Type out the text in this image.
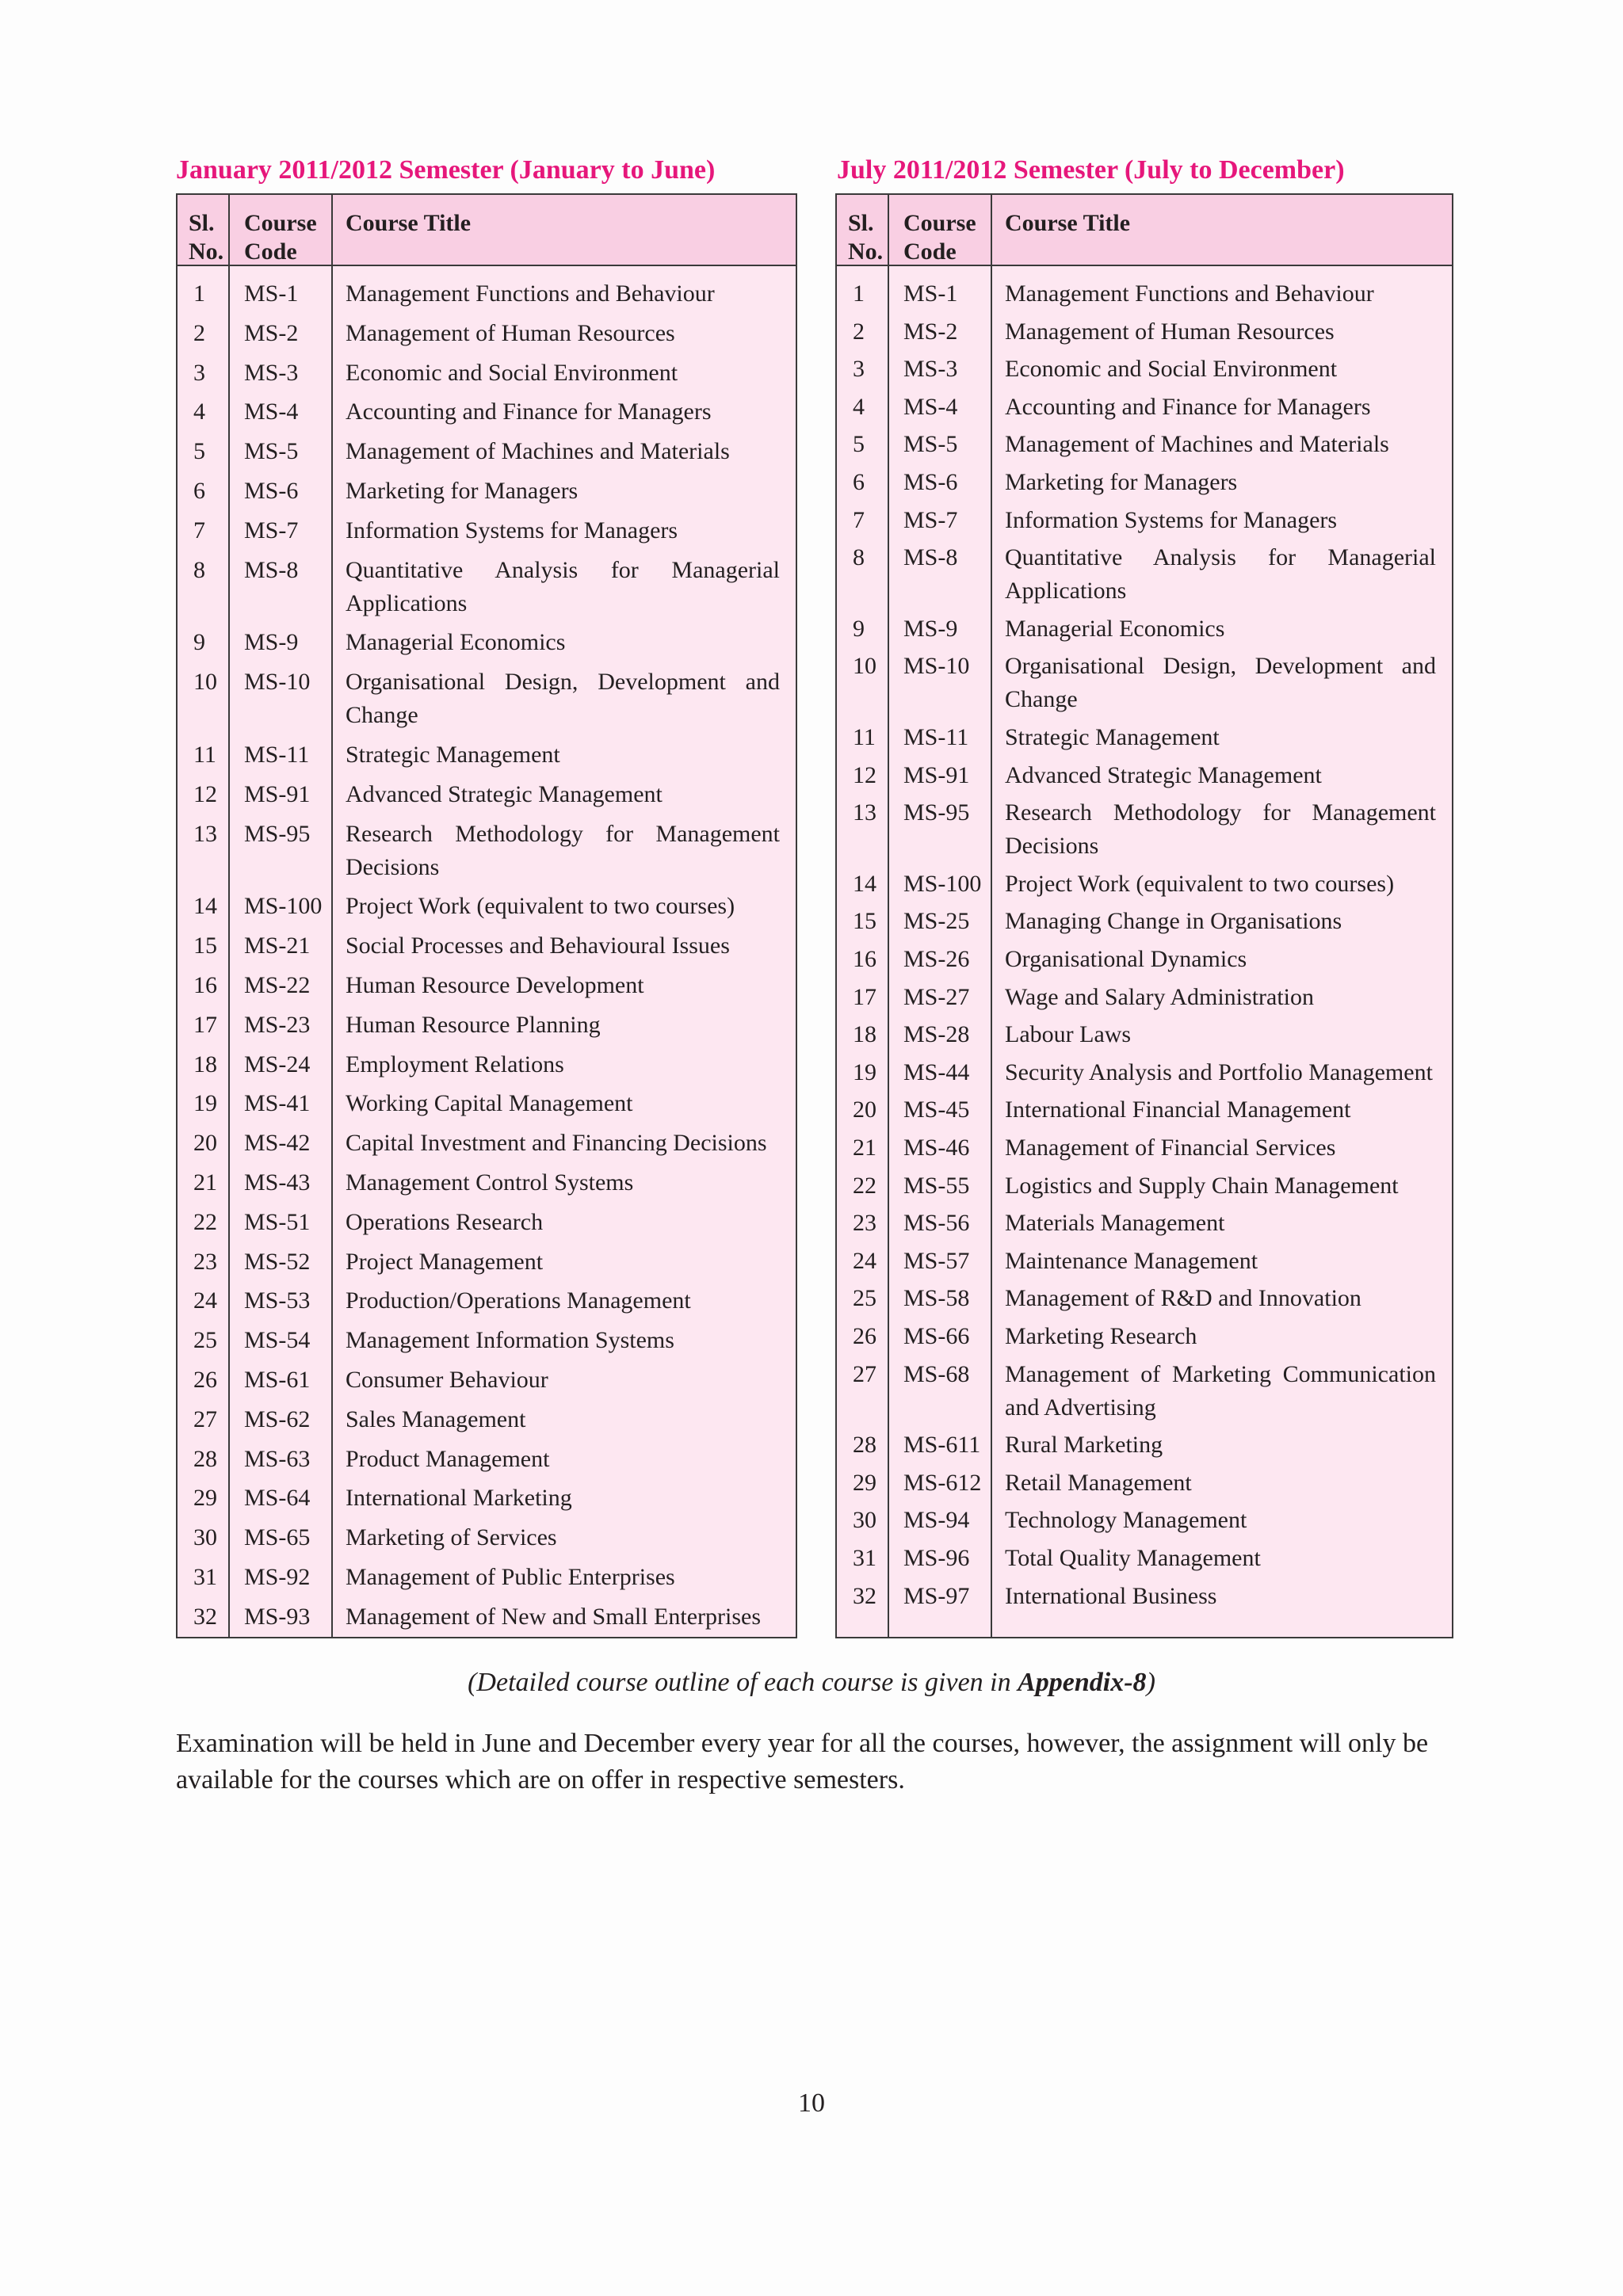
January 2011/2012 Semester (January to June)	July 2011/2012 Semester (July to December)
Sl.
No.
Course
Code
Course Title
1 MS-1 Management Functions and Behaviour
2 MS-2 Management of Human Resources
3 MS-3 Economic and Social Environment
4 MS-4 Accounting and Finance for Managers
5 MS-5 Management of Machines and Materials
6 MS-6 Marketing for Managers
7 MS-7 Information Systems for Managers
8 MS-8 Quantitative Analysis for Managerial Applications
9 MS-9 Managerial Economics
10 MS-10 Organisational Design, Development and Change
11 MS-11 Strategic Management
12 MS-91 Advanced Strategic Management
13 MS-95 Research Methodology for Management Decisions
14 MS-100 Project Work (equivalent to two courses)
15 MS-21 Social Processes and Behavioural Issues
16 MS-22 Human Resource Development
17 MS-23 Human Resource Planning
18 MS-24 Employment Relations
19 MS-41 Working Capital Management
20 MS-42 Capital Investment and Financing Decisions
21 MS-43 Management Control Systems
22 MS-51 Operations Research
23 MS-52 Project Management
24 MS-53 Production/Operations Management
25 MS-54 Management Information Systems
26 MS-61 Consumer Behaviour
27 MS-62 Sales Management
28 MS-63 Product Management
29 MS-64 International Marketing
30 MS-65 Marketing of Services
31 MS-92 Management of Public Enterprises
32 MS-93 Management of New and Small Enterprises
Sl.
No.
Course
Code
Course Title
1 MS-1 Management Functions and Behaviour
2 MS-2 Management of Human Resources
3 MS-3 Economic and Social Environment
4 MS-4 Accounting and Finance for Managers
5 MS-5 Management of Machines and Materials
6 MS-6 Marketing for Managers
7 MS-7 Information Systems for Managers
8 MS-8 Quantitative Analysis for Managerial Applications
9 MS-9 Managerial Economics
10 MS-10 Organisational Design, Development and Change
11 MS-11 Strategic Management
12 MS-91 Advanced Strategic Management
13 MS-95 Research Methodology for Management Decisions
14 MS-100 Project Work (equivalent to two courses)
15 MS-25 Managing Change in Organisations
16 MS-26 Organisational Dynamics
17 MS-27 Wage and Salary Administration
18 MS-28 Labour Laws
19 MS-44 Security Analysis and Portfolio Management
20 MS-45 International Financial Management
21 MS-46 Management of Financial Services
22 MS-55 Logistics and Supply Chain Management
23 MS-56 Materials Management
24 MS-57 Maintenance Management
25 MS-58 Management of R&D and Innovation
26 MS-66 Marketing Research
27 MS-68 Management of Marketing Communication and Advertising
28 MS-611 Rural Marketing
29 MS-612 Retail Management
30 MS-94 Technology Management
31 MS-96 Total Quality Management
32 MS-97 International Business
(Detailed course outline of each course is given in Appendix-8)

Examination will be held in June and December every year for all the courses, however, the assignment will only be available for the courses which are on offer in respective semesters.

10
